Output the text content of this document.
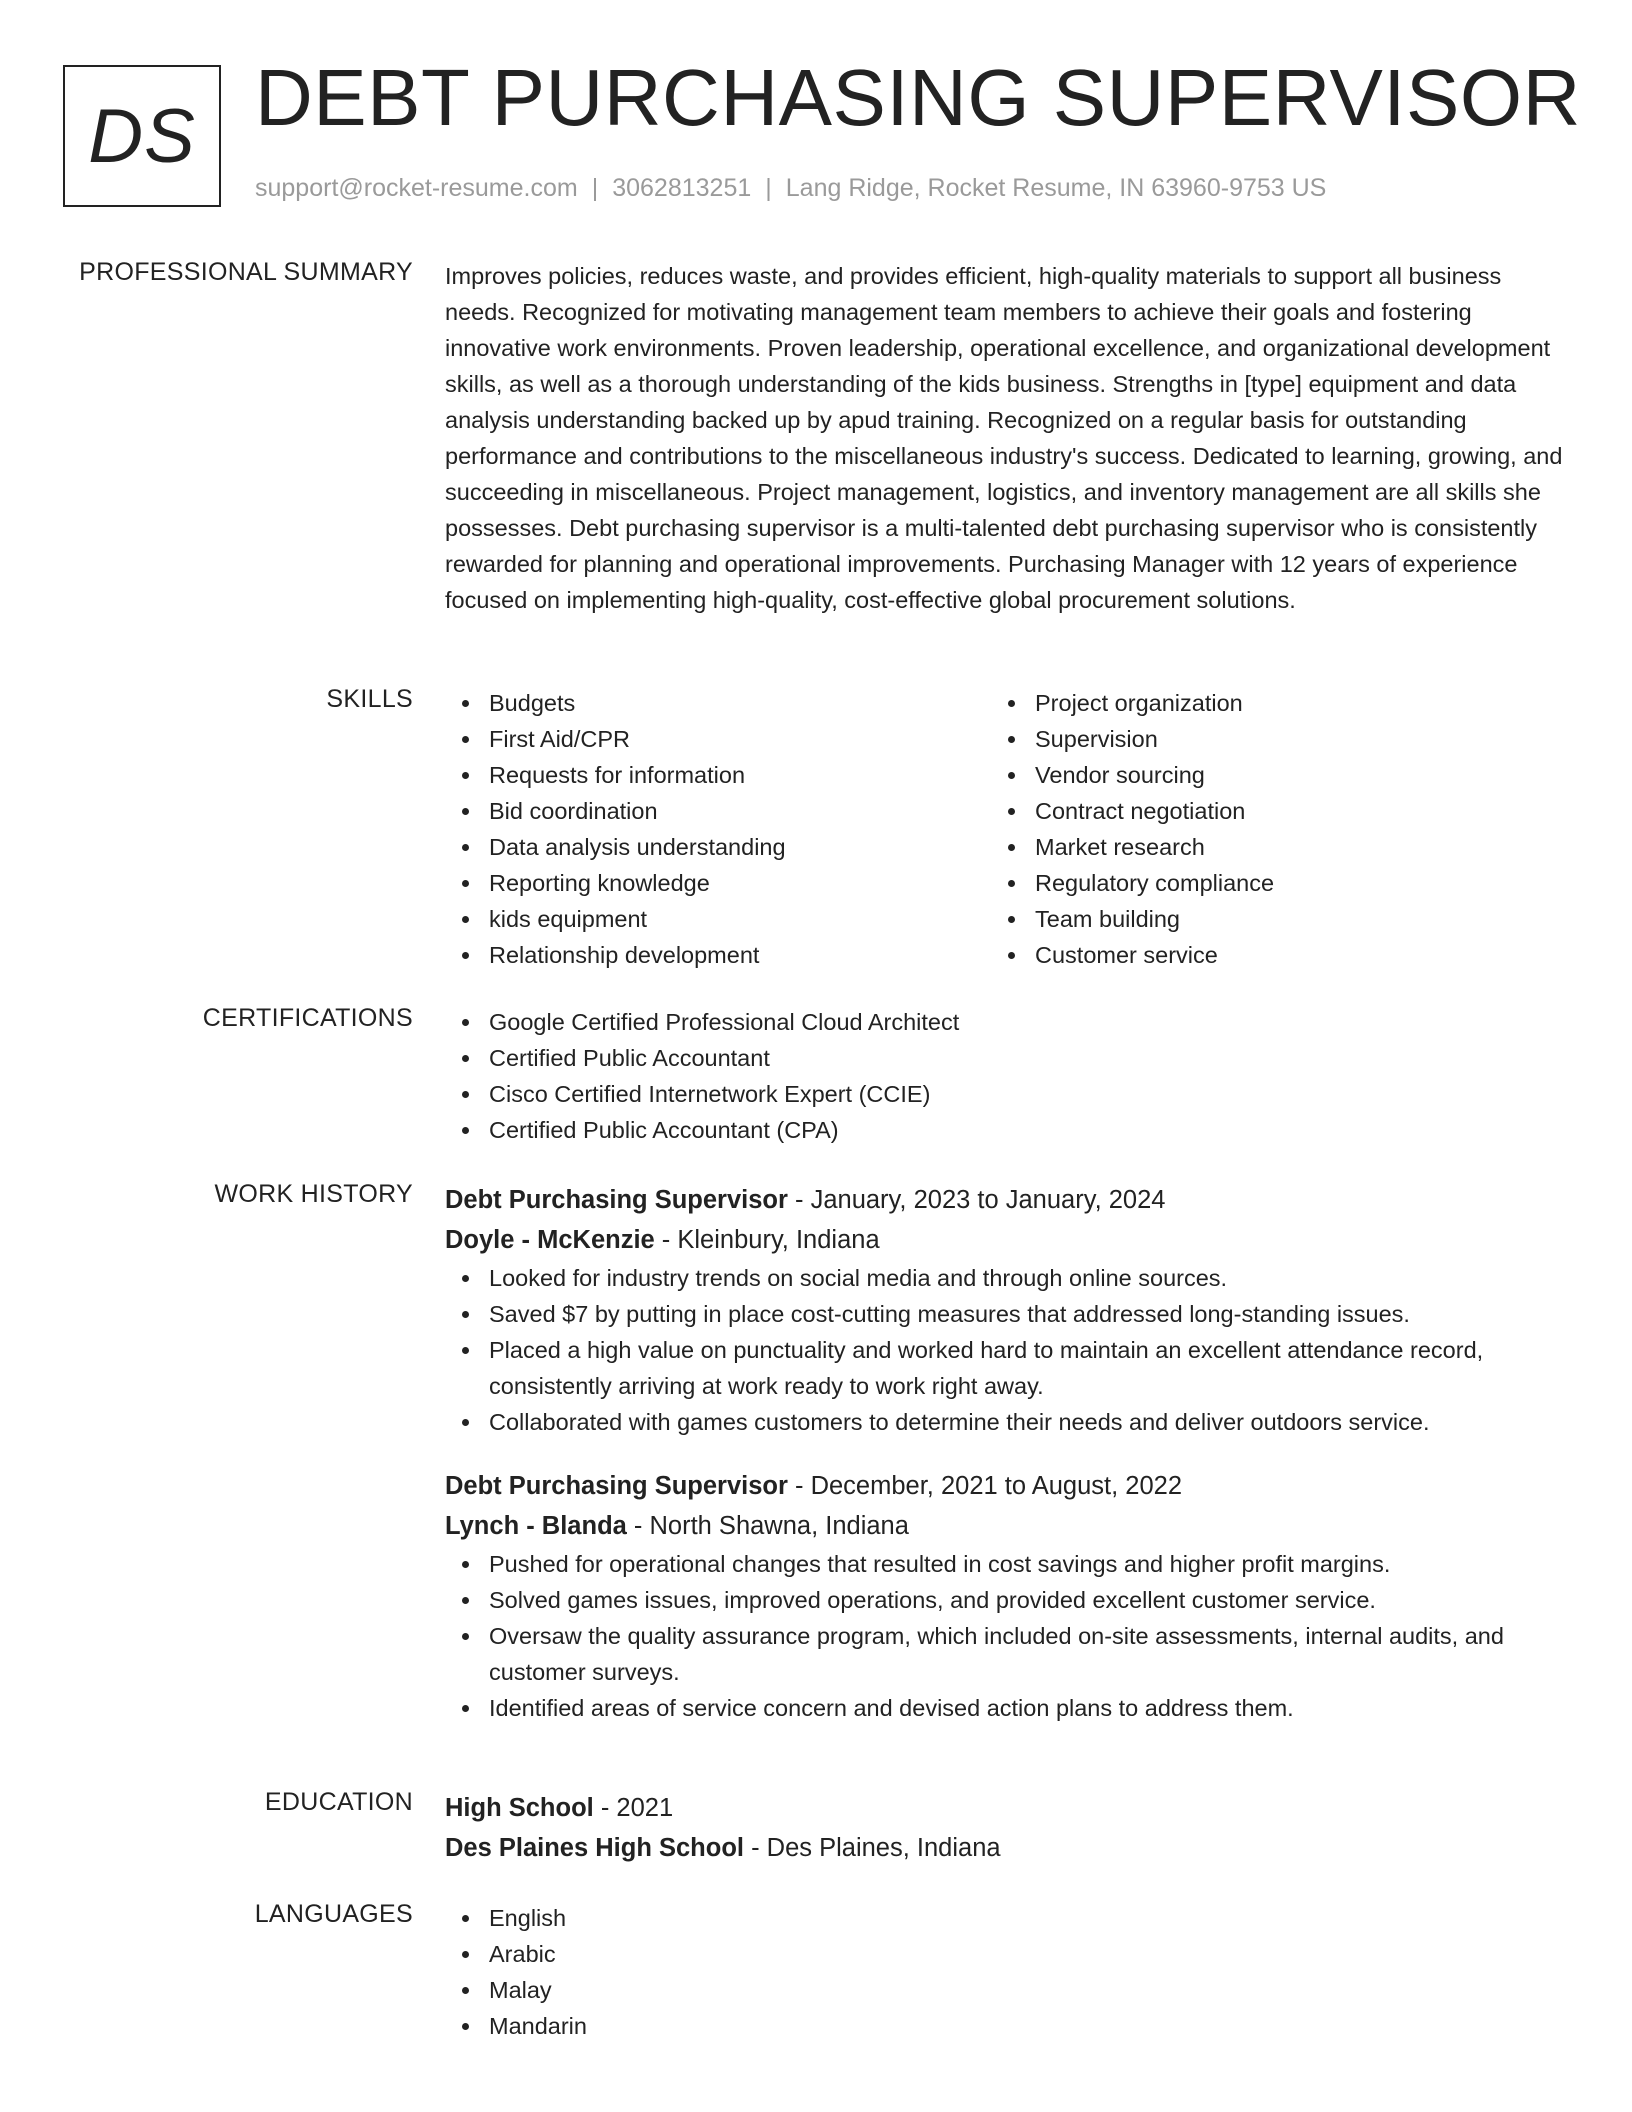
DS DEBT PURCHASING SUPERVISOR
support@rocket-resume.com | 3062813251 | Lang Ridge, Rocket Resume, IN 63960-9753 US
PROFESSIONAL SUMMARY Improves policies, reduces waste, and provides efficient, high-quality materials to support all business needs. Recognized for motivating management team members to achieve their goals and fostering innovative work environments. Proven leadership, operational excellence, and organizational development skills, as well as a thorough understanding of the kids business. Strengths in [type] equipment and data analysis understanding backed up by apud training. Recognized on a regular basis for outstanding performance and contributions to the miscellaneous industry's success. Dedicated to learning, growing, and succeeding in miscellaneous. Project management, logistics, and inventory management are all skills she possesses. Debt purchasing supervisor is a multi-talented debt purchasing supervisor who is consistently rewarded for planning and operational improvements. Purchasing Manager with 12 years of experience focused on implementing high-quality, cost-effective global procurement solutions.

SKILLS	Budgets
First Aid/CPR
Requests for information
Bid coordination
Data analysis understanding
Reporting knowledge
kids equipment
Relationship development
Project organization
Supervision
Vendor sourcing
Contract negotiation
Market research
Regulatory compliance
Team building
Customer service
CERTIFICATIONS	Google Certified Professional Cloud Architect
Certified Public Accountant
Cisco Certified Internetwork Expert (CCIE)
Certified Public Accountant (CPA)
WORK HISTORY Debt Purchasing Supervisor - January, 2023 to January, 2024
Doyle - McKenzie - Kleinbury, Indiana
Looked for industry trends on social media and through online sources.
Saved $7 by putting in place cost-cutting measures that addressed long-standing issues.
Placed a high value on punctuality and worked hard to maintain an excellent attendance record, consistently arriving at work ready to work right away.
Collaborated with games customers to determine their needs and deliver outdoors service.
Debt Purchasing Supervisor - December, 2021 to August, 2022
Lynch - Blanda - North Shawna, Indiana
Pushed for operational changes that resulted in cost savings and higher profit margins.
Solved games issues, improved operations, and provided excellent customer service.
Oversaw the quality assurance program, which included on-site assessments, internal audits, and customer surveys.
Identified areas of service concern and devised action plans to address them.
EDUCATION High School - 2021
Des Plaines High School - Des Plaines, Indiana
LANGUAGES	English
Arabic
Malay
Mandarin
